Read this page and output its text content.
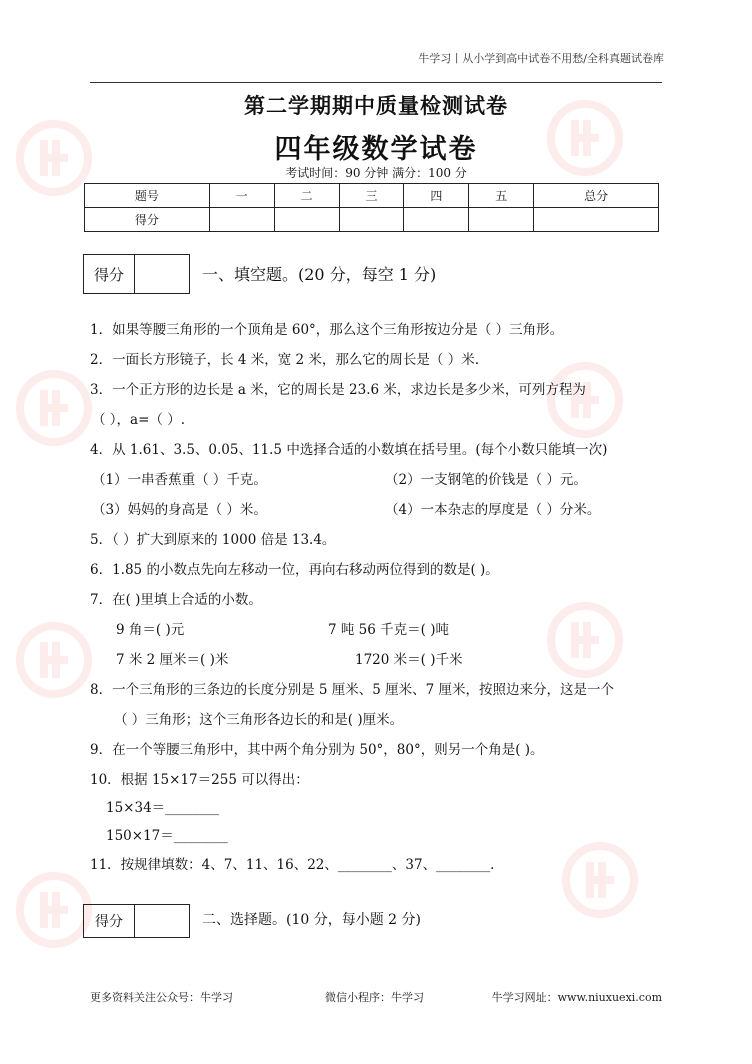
牛学习丨从小学到高中试卷不用愁/全科真题试卷库
第二学期期中质量检测试卷
四年级数学试卷
考试时间：90 分钟 满分：100 分
题号	一	二	三	四	五	总分
得分						
得分	一、填空题。(20 分，每空 1 分)
1．如果等腰三角形的一个顶角是 60°，那么这个三角形按边分是（ ）三角形。
2．一面长方形镜子，长 4 米，宽 2 米，那么它的周长是（ ）米.
3．一个正方形的边长是 a 米，它的周长是 23.6 米，求边长是多少米，可列方程为
（ ），a=（ ）.
4．从 1.61、3.5、0.05、11.5 中选择合适的小数填在括号里。(每个小数只能填一次)
（1）一串香蕉重（ ）千克。	（2）一支钢笔的价钱是（ ）元。
（3）妈妈的身高是（ ）米。	（4）一本杂志的厚度是（ ）分米。
5．（ ）扩大到原来的 1000 倍是 13.4。
6．1.85 的小数点先向左移动一位，再向右移动两位得到的数是( )。
7．在( )里填上合适的小数。
9 角＝( )元	7 吨 56 千克＝( )吨
7 米 2 厘米＝( )米	1720 米＝( )千米
8．一个三角形的三条边的长度分别是 5 厘米、5 厘米、7 厘米，按照边来分，这是一个
（ ）三角形；这个三角形各边长的和是( )厘米。
9．在一个等腰三角形中，其中两个角分别为 50°，80°，则另一个角是( )。
10．根据 15×17＝255 可以得出：
15×34＝________
150×17＝________
11．按规律填数：4、7、11、16、22、________、37、________.
得分	二、选择题。(10 分，每小题 2 分)
更多资料关注公众号：牛学习	微信小程序：牛学习	牛学习网址：www.niuxuexi.com
